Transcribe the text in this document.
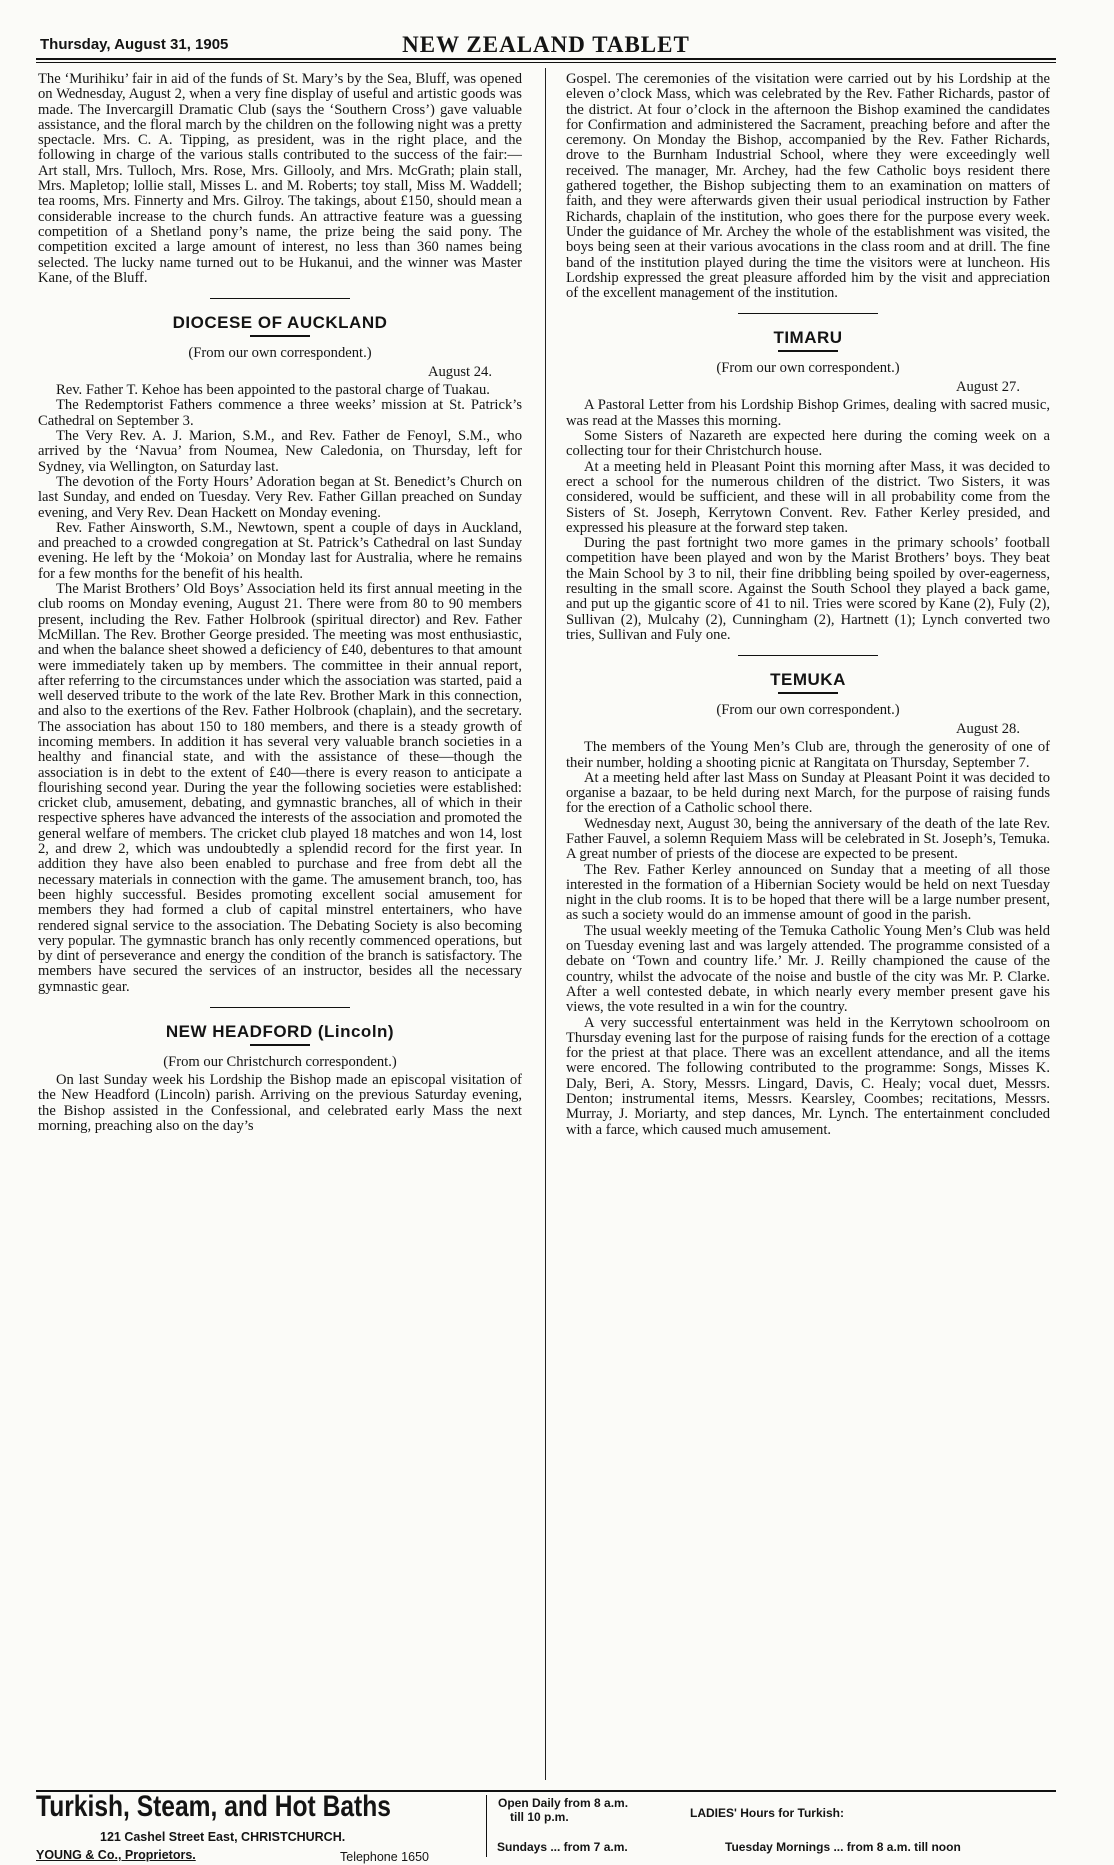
Thursday, August 31, 1905	NEW ZEALAND TABLET

The ‘Murihiku’ fair in aid of the funds of St. Mary’s by the Sea, Bluff, was opened on Wednesday, August 2, when a very fine display of useful and artistic goods was made. The Invercargill Dramatic Club (says the ‘Southern Cross’) gave valuable assistance, and the floral march by the children on the following night was a pretty spectacle. Mrs. C. A. Tipping, as president, was in the right place, and the following in charge of the various stalls contributed to the success of the fair:—Art stall, Mrs. Tulloch, Mrs. Rose, Mrs. Gillooly, and Mrs. McGrath; plain stall, Mrs. Mapletop; lollie stall, Misses L. and M. Roberts; toy stall, Miss M. Waddell; tea rooms, Mrs. Finnerty and Mrs. Gilroy. The takings, about £150, should mean a considerable increase to the church funds. An attractive feature was a guessing competition of a Shetland pony’s name, the prize being the said pony. The competition excited a large amount of interest, no less than 360 names being selected. The lucky name turned out to be Hukanui, and the winner was Master Kane, of the Bluff.

DIOCESE OF AUCKLAND
(From our own correspondent.)
August 24.

Rev. Father T. Kehoe has been appointed to the pastoral charge of Tuakau.

The Redemptorist Fathers commence a three weeks’ mission at St. Patrick’s Cathedral on September 3.

The Very Rev. A. J. Marion, S.M., and Rev. Father de Fenoyl, S.M., who arrived by the ‘Navua’ from Noumea, New Caledonia, on Thursday, left for Sydney, via Wellington, on Saturday last.

The devotion of the Forty Hours’ Adoration began at St. Benedict’s Church on last Sunday, and ended on Tuesday. Very Rev. Father Gillan preached on Sunday evening, and Very Rev. Dean Hackett on Monday evening.

Rev. Father Ainsworth, S.M., Newtown, spent a couple of days in Auckland, and preached to a crowded congregation at St. Patrick’s Cathedral on last Sunday evening. He left by the ‘Mokoia’ on Monday last for Australia, where he remains for a few months for the benefit of his health.

The Marist Brothers’ Old Boys’ Association held its first annual meeting in the club rooms on Monday evening, August 21. There were from 80 to 90 members present, including the Rev. Father Holbrook (spiritual director) and Rev. Father McMillan. The Rev. Brother George presided. The meeting was most enthusiastic, and when the balance sheet showed a deficiency of £40, debentures to that amount were immediately taken up by members. The committee in their annual report, after referring to the circumstances under which the association was started, paid a well deserved tribute to the work of the late Rev. Brother Mark in this connection, and also to the exertions of the Rev. Father Holbrook (chaplain), and the secretary. The association has about 150 to 180 members, and there is a steady growth of incoming members. In addition it has several very valuable branch societies in a healthy and financial state, and with the assistance of these—though the association is in debt to the extent of £40—there is every reason to anticipate a flourishing second year. During the year the following societies were established: cricket club, amusement, debating, and gymnastic branches, all of which in their respective spheres have advanced the interests of the association and promoted the general welfare of members. The cricket club played 18 matches and won 14, lost 2, and drew 2, which was undoubtedly a splendid record for the first year. In addition they have also been enabled to purchase and free from debt all the necessary materials in connection with the game. The amusement branch, too, has been highly successful. Besides promoting excellent social amusement for members they had formed a club of capital minstrel entertainers, who have rendered signal service to the association. The Debating Society is also becoming very popular. The gymnastic branch has only recently commenced operations, but by dint of perseverance and energy the condition of the branch is satisfactory. The members have secured the services of an instructor, besides all the necessary gymnastic gear.

NEW HEADFORD (Lincoln)
(From our Christchurch correspondent.)

On last Sunday week his Lordship the Bishop made an episcopal visitation of the New Headford (Lincoln) parish. Arriving on the previous Saturday evening, the Bishop assisted in the Confessional, and celebrated early Mass the next morning, preaching also on the day’s

Gospel. The ceremonies of the visitation were carried out by his Lordship at the eleven o’clock Mass, which was celebrated by the Rev. Father Richards, pastor of the district. At four o’clock in the afternoon the Bishop examined the candidates for Confirmation and administered the Sacrament, preaching before and after the ceremony. On Monday the Bishop, accompanied by the Rev. Father Richards, drove to the Burnham Industrial School, where they were exceedingly well received. The manager, Mr. Archey, had the few Catholic boys resident there gathered together, the Bishop subjecting them to an examination on matters of faith, and they were afterwards given their usual periodical instruction by Father Richards, chaplain of the institution, who goes there for the purpose every week. Under the guidance of Mr. Archey the whole of the establishment was visited, the boys being seen at their various avocations in the class room and at drill. The fine band of the institution played during the time the visitors were at luncheon. His Lordship expressed the great pleasure afforded him by the visit and appreciation of the excellent management of the institution.

TIMARU
(From our own correspondent.)
August 27.

A Pastoral Letter from his Lordship Bishop Grimes, dealing with sacred music, was read at the Masses this morning.

Some Sisters of Nazareth are expected here during the coming week on a collecting tour for their Christchurch house.

At a meeting held in Pleasant Point this morning after Mass, it was decided to erect a school for the numerous children of the district. Two Sisters, it was considered, would be sufficient, and these will in all probability come from the Sisters of St. Joseph, Kerrytown Convent. Rev. Father Kerley presided, and expressed his pleasure at the forward step taken.

During the past fortnight two more games in the primary schools’ football competition have been played and won by the Marist Brothers’ boys. They beat the Main School by 3 to nil, their fine dribbling being spoiled by over-eagerness, resulting in the small score. Against the South School they played a back game, and put up the gigantic score of 41 to nil. Tries were scored by Kane (2), Fuly (2), Sullivan (2), Mulcahy (2), Cunningham (2), Hartnett (1); Lynch converted two tries, Sullivan and Fuly one.

TEMUKA
(From our own correspondent.)
August 28.

The members of the Young Men’s Club are, through the generosity of one of their number, holding a shooting picnic at Rangitata on Thursday, September 7.

At a meeting held after last Mass on Sunday at Pleasant Point it was decided to organise a bazaar, to be held during next March, for the purpose of raising funds for the erection of a Catholic school there.

Wednesday next, August 30, being the anniversary of the death of the late Rev. Father Fauvel, a solemn Requiem Mass will be celebrated in St. Joseph’s, Temuka. A great number of priests of the diocese are expected to be present.

The Rev. Father Kerley announced on Sunday that a meeting of all those interested in the formation of a Hibernian Society would be held on next Tuesday night in the club rooms. It is to be hoped that there will be a large number present, as such a society would do an immense amount of good in the parish.

The usual weekly meeting of the Temuka Catholic Young Men’s Club was held on Tuesday evening last and was largely attended. The programme consisted of a debate on ‘Town and country life.’ Mr. J. Reilly championed the cause of the country, whilst the advocate of the noise and bustle of the city was Mr. P. Clarke. After a well contested debate, in which nearly every member present gave his views, the vote resulted in a win for the country.

A very successful entertainment was held in the Kerrytown schoolroom on Thursday evening last for the purpose of raising funds for the erection of a cottage for the priest at that place. There was an excellent attendance, and all the items were encored. The following contributed to the programme: Songs, Misses K. Daly, Beri, A. Story, Messrs. Lingard, Davis, C. Healy; vocal duet, Messrs. Denton; instrumental items, Messrs. Kearsley, Coombes; recitations, Messrs. Murray, J. Moriarty, and step dances, Mr. Lynch. The entertainment concluded with a farce, which caused much amusement.

Turkish, Steam, and Hot Baths
121 Cashel Street East, CHRISTCHURCH.
YOUNG & Co., Proprietors.	Telephone 1650
Open Daily from 8 a.m.
till 10 p.m.	LADIES' Hours for Turkish:
Sundays ... from 7 a.m.	Tuesday Mornings ... from 8 a.m. till noon
